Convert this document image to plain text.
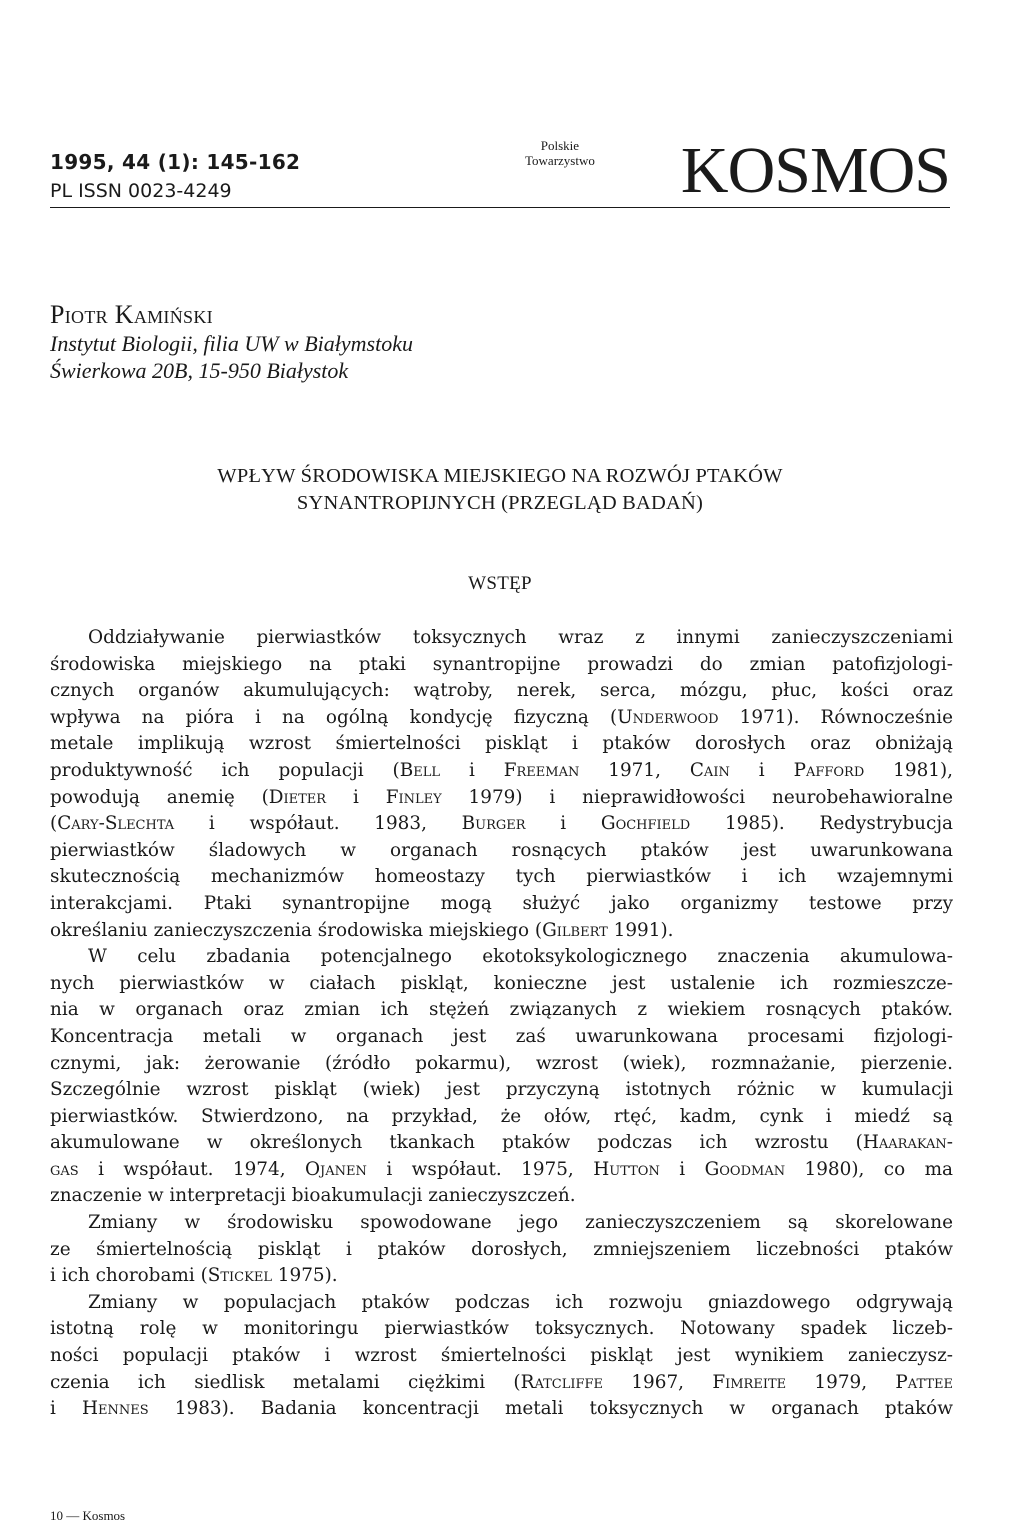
1995, 44 (1): 145-162
PL ISSN 0023-4249
Polskie
Towarzystwo KOSMOS
Piotr Kamiński
Instytut Biologii, filia UW w Białymstoku
Świerkowa 20B, 15-950 Białystok
WPŁYW ŚRODOWISKA MIEJSKIEGO NA ROZWÓJ PTAKÓW
SYNANTROPIJNYCH (PRZEGLĄD BADAŃ)
WSTĘP
Oddziaływanie pierwiastków toksycznych wraz z innymi zanieczyszczeniami
środowiska miejskiego na ptaki synantropijne prowadzi do zmian patofizjologi-
cznych organów akumulujących: wątroby, nerek, serca, mózgu, płuc, kości oraz
wpływa na pióra i na ogólną kondycję fizyczną (Underwood 1971). Równocześnie
metale implikują wzrost śmiertelności piskląt i ptaków dorosłych oraz obniżają
produktywność ich populacji (Bell i Freeman 1971, Cain i Pafford 1981),
powodują anemię (Dieter i Finley 1979) i nieprawidłowości neurobehawioralne
(Cary-Slechta i współaut. 1983, Burger i Gochfield 1985). Redystrybucja
pierwiastków śladowych w organach rosnących ptaków jest uwarunkowana
skutecznością mechanizmów homeostazy tych pierwiastków i ich wzajemnymi
interakcjami. Ptaki synantropijne mogą służyć jako organizmy testowe przy
określaniu zanieczyszczenia środowiska miejskiego (Gilbert 1991).
W celu zbadania potencjalnego ekotoksykologicznego znaczenia akumulowa-
nych pierwiastków w ciałach piskląt, konieczne jest ustalenie ich rozmieszcze-
nia w organach oraz zmian ich stężeń związanych z wiekiem rosnących ptaków.
Koncentracja metali w organach jest zaś uwarunkowana procesami fizjologi-
cznymi, jak: żerowanie (źródło pokarmu), wzrost (wiek), rozmnażanie, pierzenie.
Szczególnie wzrost piskląt (wiek) jest przyczyną istotnych różnic w kumulacji
pierwiastków. Stwierdzono, na przykład, że ołów, rtęć, kadm, cynk i miedź są
akumulowane w określonych tkankach ptaków podczas ich wzrostu (Haarakan-
gas i współaut. 1974, Ojanen i współaut. 1975, Hutton i Goodman 1980), co ma
znaczenie w interpretacji bioakumulacji zanieczyszczeń.
Zmiany w środowisku spowodowane jego zanieczyszczeniem są skorelowane
ze śmiertelnością piskląt i ptaków dorosłych, zmniejszeniem liczebności ptaków
i ich chorobami (Stickel 1975).
Zmiany w populacjach ptaków podczas ich rozwoju gniazdowego odgrywają
istotną rolę w monitoringu pierwiastków toksycznych. Notowany spadek liczeb-
ności populacji ptaków i wzrost śmiertelności piskląt jest wynikiem zanieczysz-
czenia ich siedlisk metalami ciężkimi (Ratcliffe 1967, Fimreite 1979, Pattee
i Hennes 1983). Badania koncentracji metali toksycznych w organach ptaków
10 — Kosmos
